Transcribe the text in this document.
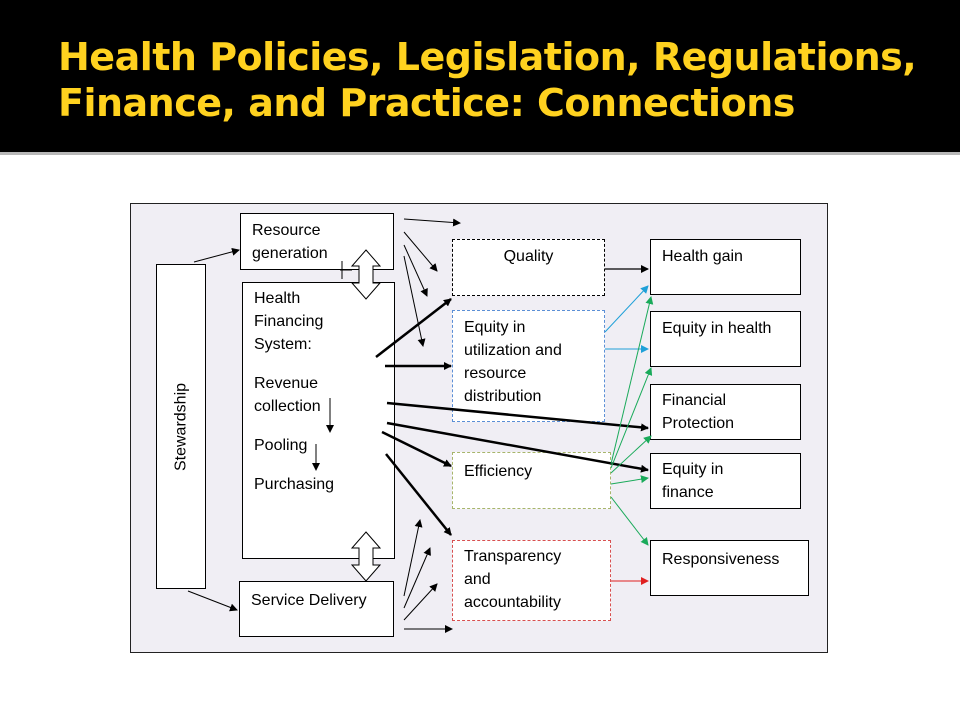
Health Policies, Legislation, Regulations, Finance, and Practice: Connections
Stewardship
Resource
generation
Health
Financing
System:
Revenue
collection
Pooling
Purchasing
Service Delivery
Quality
Equity in
utilization and
resource
distribution
Efficiency
Transparency
and
accountability
Health gain
Equity in health
Financial
Protection
Equity in
finance
Responsiveness
